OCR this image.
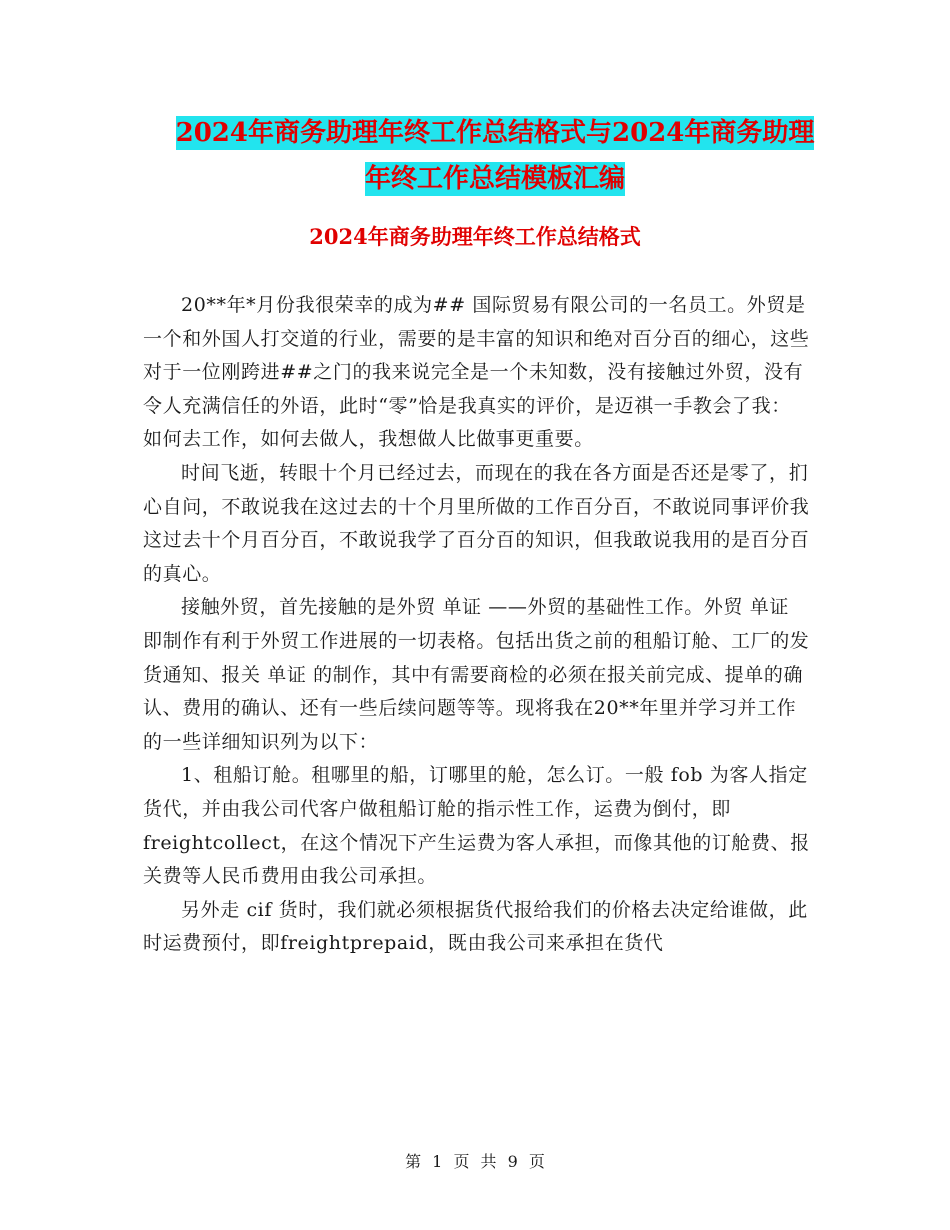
2024年商务助理年终工作总结格式与2024年商务助理
年终工作总结模板汇编
2024年商务助理年终工作总结格式

20**年*月份我很荣幸的成为## 国际贸易有限公司的一名员工。外贸是一个和外国人打交道的行业，需要的是丰富的知识和绝对百分百的细心，这些对于一位刚跨进##之门的我来说完全是一个未知数，没有接触过外贸，没有令人充满信任的外语，此时“零”恰是我真实的评价，是迈祺一手教会了我：如何去工作，如何去做人，我想做人比做事更重要。

时间飞逝，转眼十个月已经过去，而现在的我在各方面是否还是零了，扪心自问，不敢说我在这过去的十个月里所做的工作百分百，不敢说同事评价我这过去十个月百分百，不敢说我学了百分百的知识，但我敢说我用的是百分百的真心。

接触外贸，首先接触的是外贸 单证 ——外贸的基础性工作。外贸 单证 即制作有利于外贸工作进展的一切表格。包括出货之前的租船订舱、工厂的发货通知、报关 单证 的制作，其中有需要商检的必须在报关前完成、提单的确认、费用的确认、还有一些后续问题等等。现将我在20**年里并学习并工作的一些详细知识列为以下：

1、租船订舱。租哪里的船，订哪里的舱，怎么订。一般 fob 为客人指定货代，并由我公司代客户做租船订舱的指示性工作，运费为倒付，即freightcollect，在这个情况下产生运费为客人承担，而像其他的订舱费、报关费等人民币费用由我公司承担。

另外走 cif 货时，我们就必须根据货代报给我们的价格去决定给谁做，此时运费预付，即freightprepaid，既由我公司来承担在货代

第 1 页 共 9 页
